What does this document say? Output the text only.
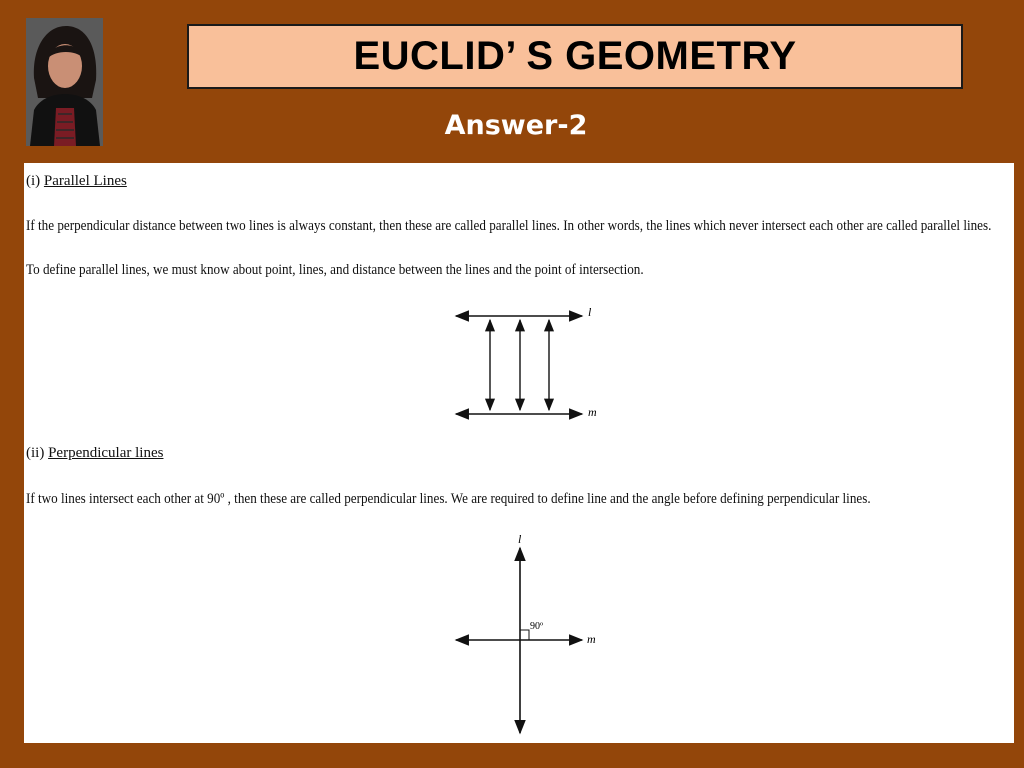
EUCLID’ S GEOMETRY
Answer-2
(i) Parallel Lines
If the perpendicular distance between two lines is always constant, then these are called parallel lines. In other words, the lines which never intersect each other are called parallel lines.
To define parallel lines, we must know about point, lines, and distance between the lines and the point of intersection.
l
m
90º
l
m
(ii) Perpendicular lines
If two lines intersect each other at 90º , then these are called perpendicular lines. We are required to define line and the angle before defining perpendicular lines.
